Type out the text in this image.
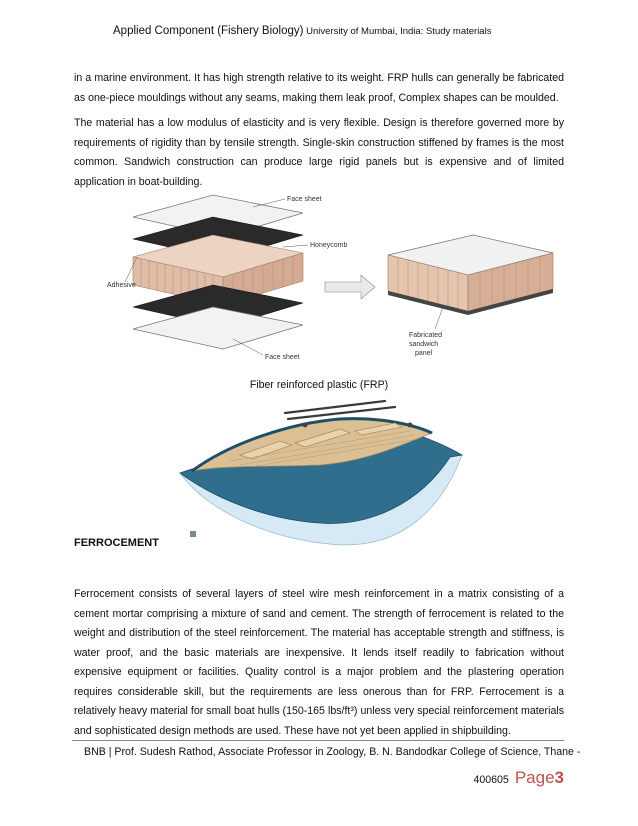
Applied Component (Fishery Biology) University of Mumbai, India: Study materials
in a marine environment. It has high strength relative to its weight. FRP hulls can generally be fabricated as one-piece mouldings without any seams, making them leak proof, Complex shapes can be moulded.
The material has a low modulus of elasticity and is very flexible. Design is therefore governed more by requirements of rigidity than by tensile strength. Single-skin construction stiffened by frames is the most common. Sandwich construction can produce large rigid panels but is expensive and of limited application in boat-building.
Face sheet
Honeycomb
Adhesive
Face sheet
Fabricated
sandwich
panel
Fiber reinforced plastic (FRP)
FERROCEMENT
Ferrocement consists of several layers of steel wire mesh reinforcement in a matrix consisting of a cement mortar comprising a mixture of sand and cement. The strength of ferrocement is related to the weight and distribution of the steel reinforcement. The material has acceptable strength and stiffness, is water proof, and the basic materials are inexpensive. It lends itself readily to fabrication without expensive equipment or facilities. Quality control is a major problem and the plastering operation requires considerable skill, but the requirements are less onerous than for FRP. Ferrocement is a relatively heavy material for small boat hulls (150-165 lbs/ft³) unless very special reinforcement materials and sophisticated design methods are used. These have not yet been applied in shipbuilding.
BNB | Prof. Sudesh Rathod, Associate Professor in Zoology, B. N. Bandodkar College of Science, Thane -
400605 Page3
